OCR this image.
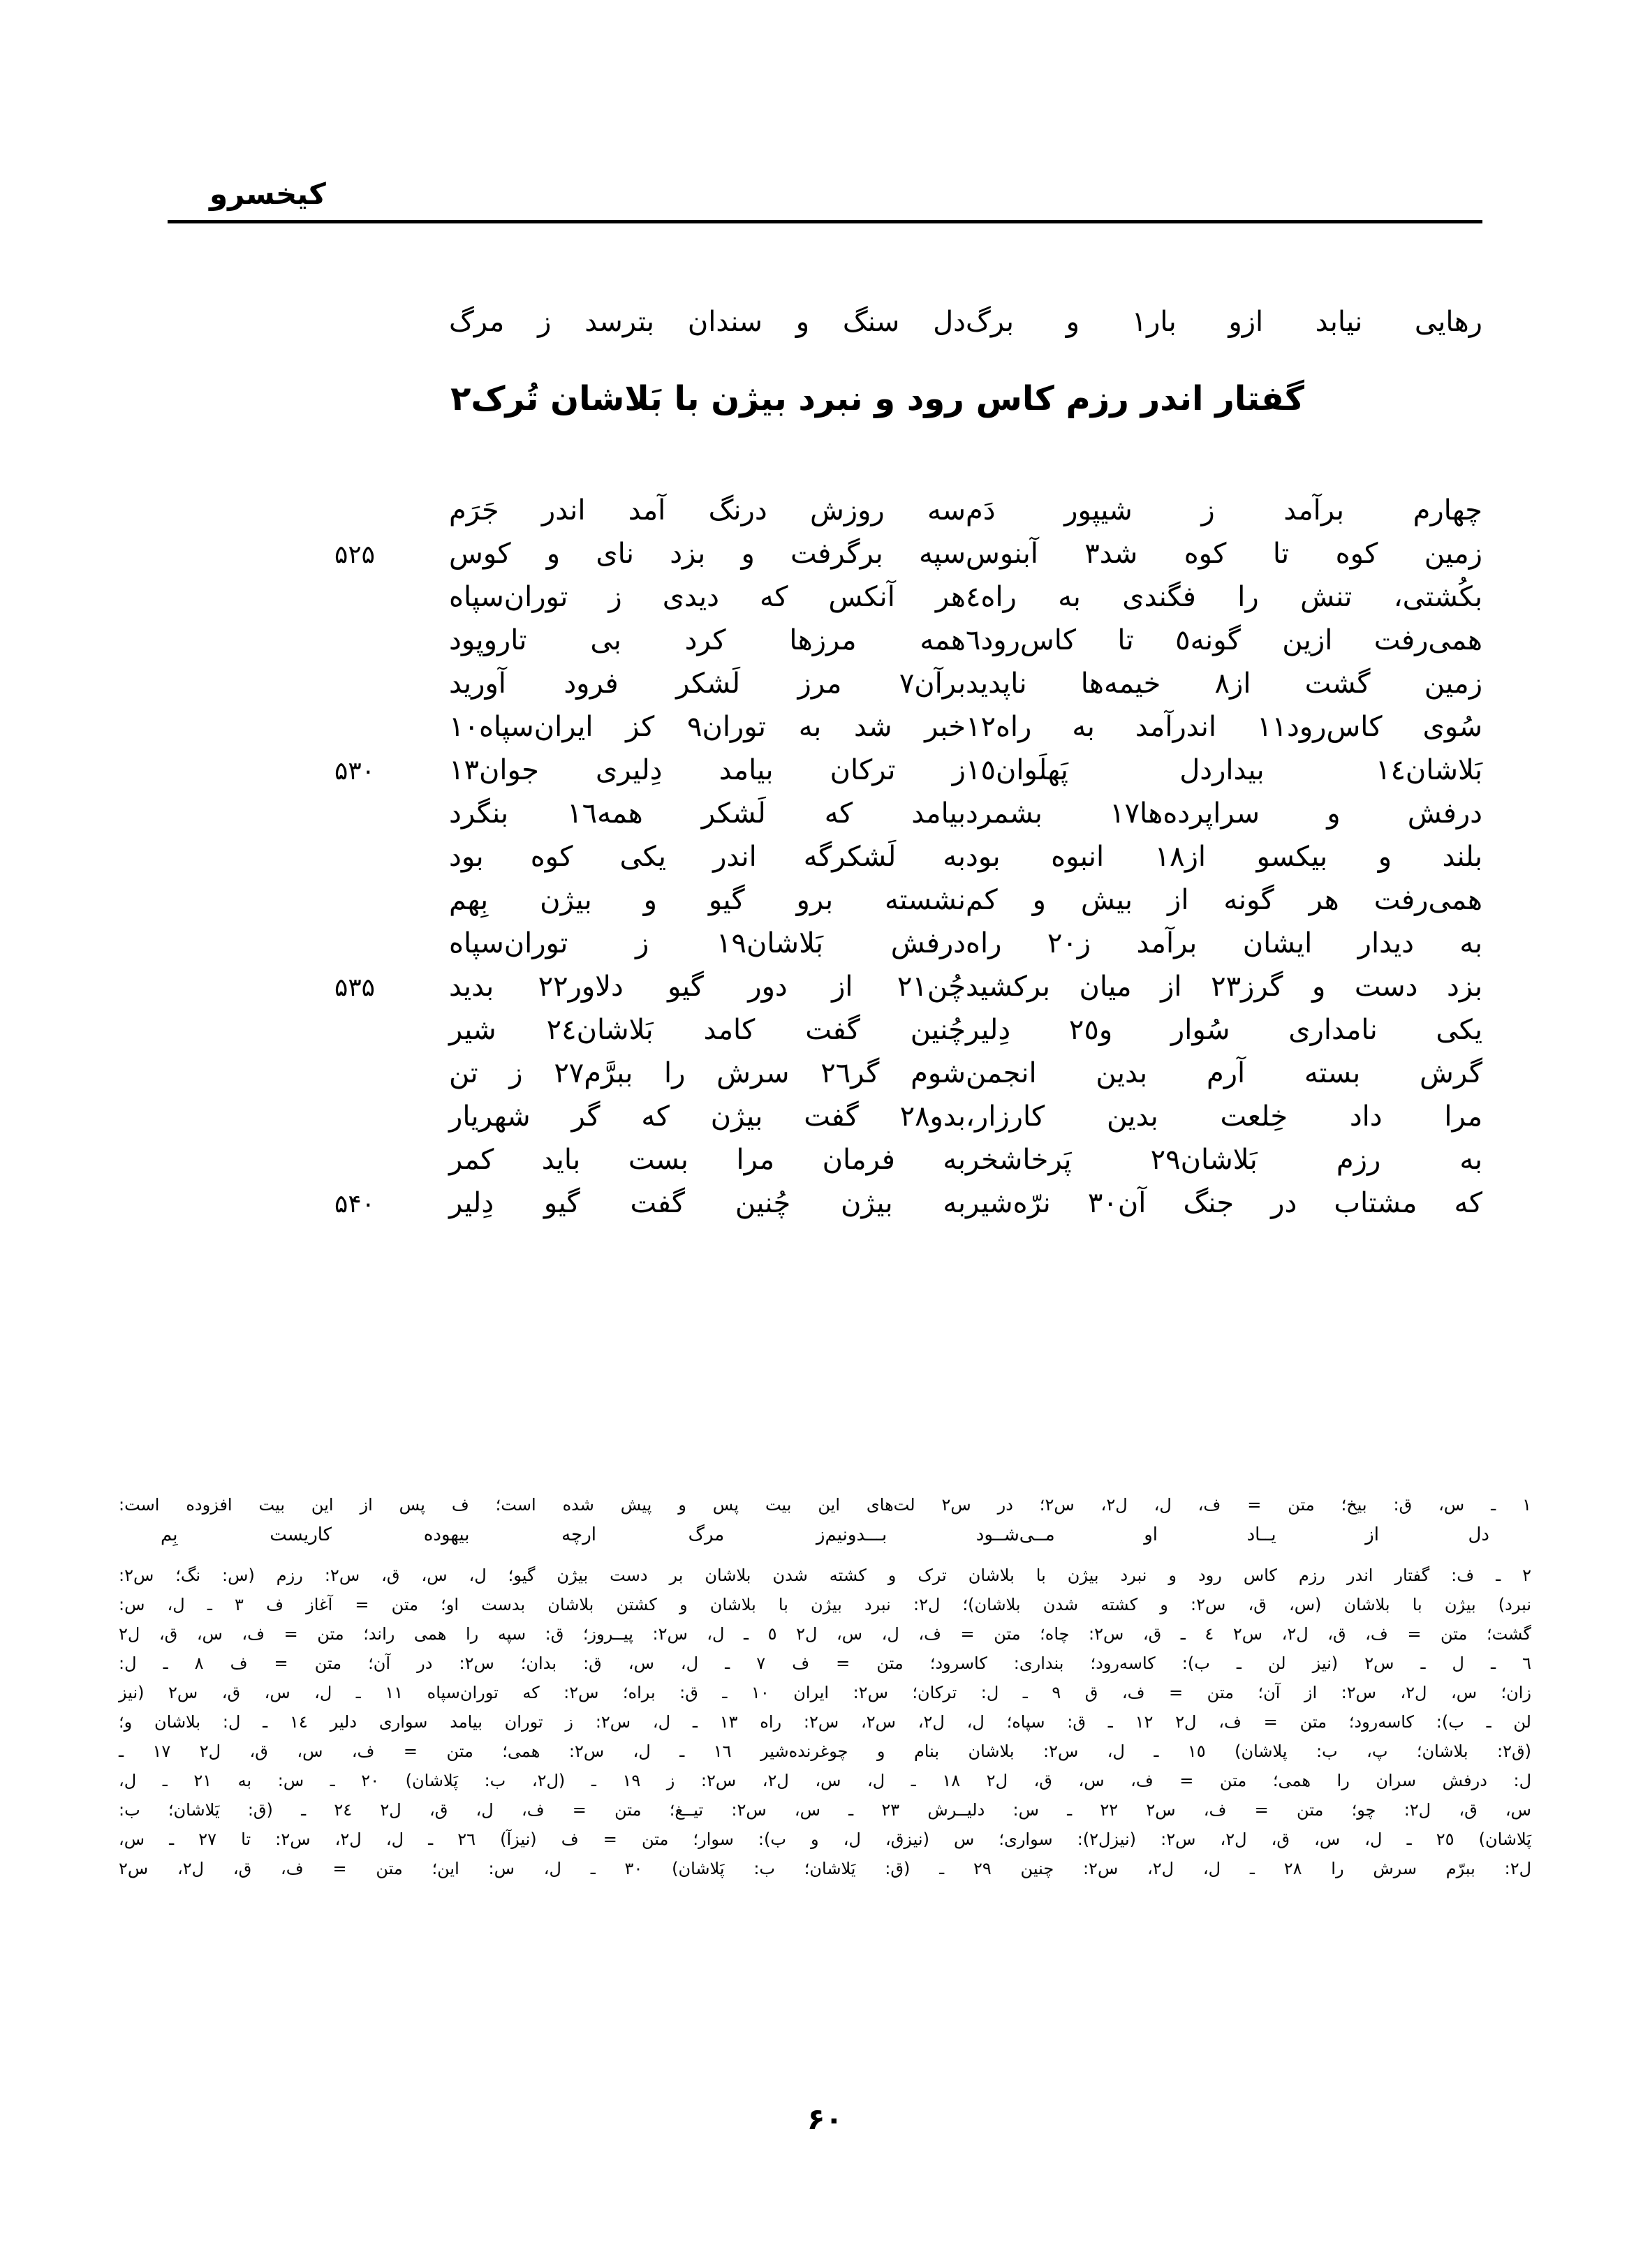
کیخسرو
رهایی نیابد ازو بار١ و برگ
دل سنگ و سندان بترسد ز مرگ
گفتار اندر رزم کاس رود و نبرد بیژن با بَلاشان تُرک٢
چهارم برآمد ز شیپور دَم
سه روزش درنگ آمد اندر جَرَم
زمین کوه تا کوه شد٣ آبنوس
سپه برگرفت و بزد نای و کوس
۵۲۵
بکُشتی، تنش را فگندی به راه٤
هر آنکس که دیدی ز توران‌سپاه
همی‌رفت ازین گونه٥ تا کاس‌رود٦
همه مرزها کرد بی تاروپود
زمین گشت از٨ خیمه‌ها ناپدید
برآن٧ مرز لَشکر فرود آورید
سُوی کاس‌رود١١ اندرآمد به راه١٢
خبر شد به توران٩ کز ایران‌سپاه١٠
بَلاشان١٤ بیداردل پَهلَوان١٥
ز ترکان بیامد دِلیری جوان١٣
۵۳۰
درفش و سراپرده‌ها١٧ بشمرد
بیامد که لَشکر همه١٦ بنگرد
بلند و بیکسو از١٨ انبوه بود
به لَشکرگه اندر یکی کوه بود
همی‌رفت هر گونه از بیش و کم
نشسته برو گیو و بیژن بِهم
به دیدار ایشان برآمد ز٢٠ راه
درفش بَلاشان١٩ ز توران‌سپاه
بزد دست و گرز٢٣ از میان برکشید
چُن٢١ از دور گیو دلاور٢٢ بدید
۵۳۵
یکی نامداری سُوار و٢٥ دِلیر
چُنین گفت کامد بَلاشان٢٤ شیر
گرش بسته آرم بدین انجمن
شوم گر٢٦ سرش را ببرَّم٢٧ ز تن
مرا داد خِلعت بدین کارزار،
بدو٢٨ گفت بیژن که گر شهریار
به رزم بَلاشان٢٩ پَرخاشخر
به فرمان مرا بست باید کمر
که مشتاب در جنگ آن٣٠ نرّه‌شیر
به بیژن چُنین گفت گیو دِلیر
۵۴۰
١ ـ س، ق: بیخ؛ متن = ف، ل، ل٢، س٢؛ در س٢ لت‌های این بیت پس و پیش شده است؛ ف پس از این بیت افزوده است:
دل از یــاد او مــی‌شــود بـــدونیم
ز مرگ ارچه بیهوده کاریست بِم
٢ ـ ف: گفتار اندر رزم کاس رود و نبرد بیژن با بلاشان ترک و کشته شدن بلاشان بر دست بیژن گیو؛ ل، س، ق، س٢: رزم (س: نگ؛ س٢:
نبرد) بیژن با بلاشان (س، ق، س٢: و کشته شدن بلاشان)؛ ل٢: نبرد بیژن با بلاشان و کشتن بلاشان بدست او؛ متن = آغاز ف ٣ ـ ل، س:
گشت؛ متن = ف، ق، ل٢، س٢ ٤ ـ ق، س٢: چاه؛ متن = ف، ل، س، ل٢ ٥ ـ ل، س٢: پیــروز؛ ق: سپه را همی راند؛ متن = ف، س، ق، ل٢
٦ ـ ل ـ س٢ (نیز لن ـ ب): کاسه‌رود؛ بنداری: کاسرود؛ متن = ف ٧ ـ ل، س، ق: بدان؛ س٢: در آن؛ متن = ف ٨ ـ ل:
زان؛ س، ل٢، س٢: از آن؛ متن = ف، ق ٩ ـ ل: ترکان؛ س٢: ایران ١٠ ـ ق: براه؛ س٢: که توران‌سپاه ١١ ـ ل، س، ق، س٢ (نیز
لن ـ ب): کاسه‌رود؛ متن = ف، ل٢ ١٢ ـ ق: سپاه؛ ل، ل٢، س٢، س٢: راه ١٣ ـ ل، س٢: ز توران بیامد سواری دلیر ١٤ ـ ل: بلاشان و؛
(ق٢: بلاشان؛ پ، ب: پلاشان) ١٥ ـ ل، س٢: بلاشان بنام و چوغرنده‌شیر ١٦ ـ ل، س٢: همی؛ متن = ف، س، ق، ل٢ ١٧ ـ
ل: درفش سران را همی؛ متن = ف، س، ق، ل٢ ١٨ ـ ل، س، ل٢، س٢: ز ١٩ ـ (ل٢، ب: پَلاشان) ٢٠ ـ س: به ٢١ ـ ل،
س، ق، ل٢: چو؛ متن = ف، س٢ ٢٢ ـ س: دلیــرش ٢٣ ـ س، س٢: تیــغ؛ متن = ف، ل، ق، ل٢ ٢٤ ـ (ق: یَلاشان؛ ب:
پَلاشان) ٢٥ ـ ل، س، ق، ل٢، س٢: (نیزل٢): سواری؛ س (نیزق، ل، و ب): سوار؛ متن = ف (نیزآ) ٢٦ ـ ل، ل٢، س٢: تا ٢٧ ـ س،
ل٢: ببرّم سرش را ٢٨ ـ ل، ل٢، س٢: چنین ٢٩ ـ (ق: یَلاشان؛ ب: پَلاشان) ٣٠ ـ ل، س: این؛ متن = ف، ق، ل٢، س٢
۶۰
